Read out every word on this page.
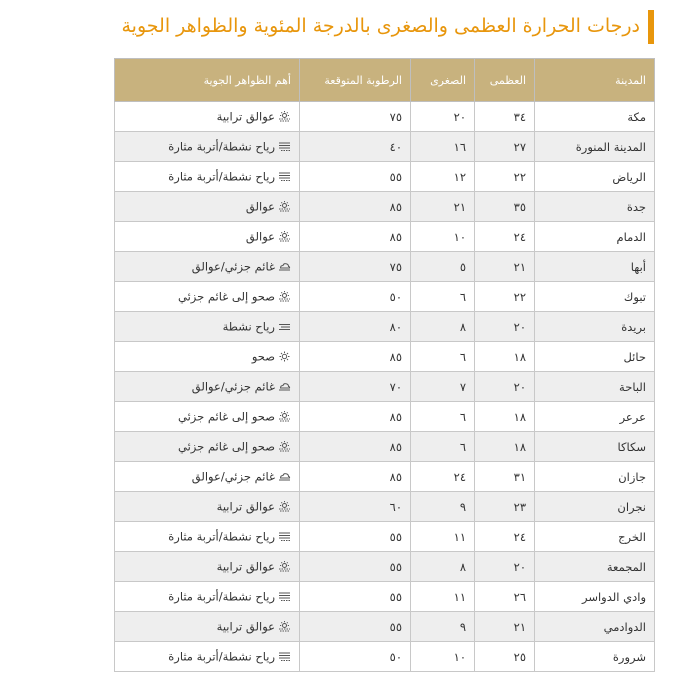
درجات الحرارة العظمى والصغرى بالدرجة المئوية والظواهر الجوية
المدينة	العظمى	الصغرى	الرطوبة المتوقعة	أهم الظواهر الجوية
مكة	٣٤	٢٠	٧٥	عوالق ترابية
المدينة المنورة	٢٧	١٦	٤٠	رياح نشطة/أتربة مثارة
الرياض	٢٢	١٢	٥٥	رياح نشطة/أتربة مثارة
جدة	٣٥	٢١	٨٥	عوالق
الدمام	٢٤	١٠	٨٥	عوالق
أبها	٢١	٥	٧٥	غائم جزئي/عوالق
تبوك	٢٢	٦	٥٠	صحو إلى غائم جزئي
بريدة	٢٠	٨	٨٠	رياح نشطة
حائل	١٨	٦	٨٥	صحو
الباحة	٢٠	٧	٧٠	غائم جزئي/عوالق
عرعر	١٨	٦	٨٥	صحو إلى غائم جزئي
سكاكا	١٨	٦	٨٥	صحو إلى غائم جزئي
جازان	٣١	٢٤	٨٥	غائم جزئي/عوالق
نجران	٢٣	٩	٦٠	عوالق ترابية
الخرج	٢٤	١١	٥٥	رياح نشطة/أتربة مثارة
المجمعة	٢٠	٨	٥٥	عوالق ترابية
وادي الدواسر	٢٦	١١	٥٥	رياح نشطة/أتربة مثارة
الدوادمي	٢١	٩	٥٥	عوالق ترابية
شرورة	٢٥	١٠	٥٠	رياح نشطة/أتربة مثارة
